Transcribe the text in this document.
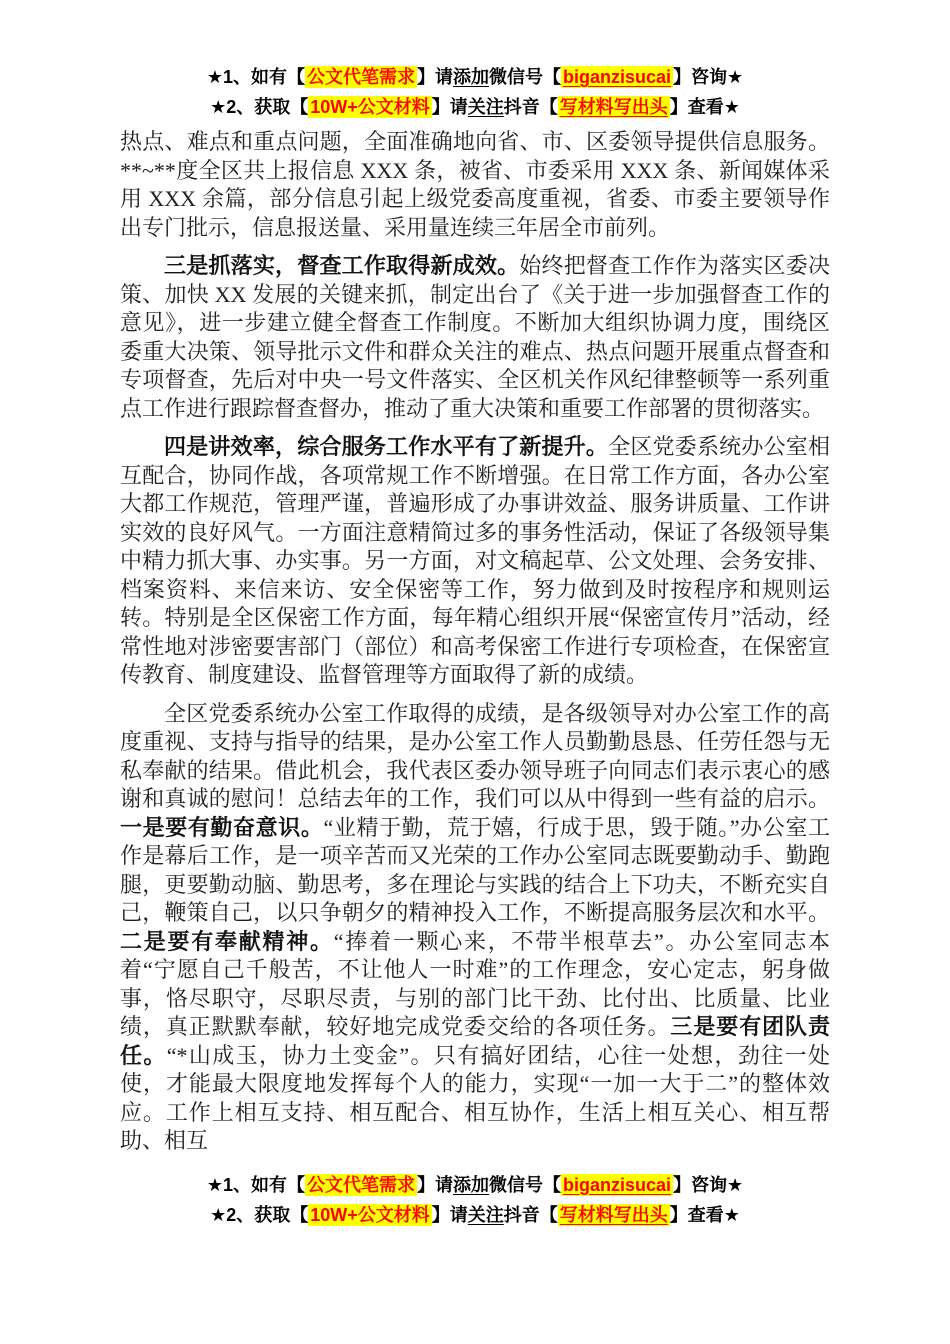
★1、如有【 公文代笔需求 】请添加微信号【 biganzisucai 】咨询★
★2、获取【 10W+公文材料 】请关注抖音【 写材料写出头 】查看★

热点、难点和重点问题，全面准确地向省、市、区委领导提供信息服务。**~**度全区共上报信息 XXX 条，被省、市委采用 XXX 条、新闻媒体采用 XXX 余篇，部分信息引起上级党委高度重视，省委、市委主要领导作出专门批示，信息报送量、采用量连续三年居全市前列。

三是抓落实，督查工作取得新成效。始终把督查工作作为落实区委决策、加快 XX 发展的关键来抓，制定出台了《关于进一步加强督查工作的意见》，进一步建立健全督查工作制度。不断加大组织协调力度，围绕区委重大决策、领导批示文件和群众关注的难点、热点问题开展重点督查和专项督查，先后对中央一号文件落实、全区机关作风纪律整顿等一系列重点工作进行跟踪督查督办，推动了重大决策和重要工作部署的贯彻落实。

四是讲效率，综合服务工作水平有了新提升。全区党委系统办公室相互配合，协同作战，各项常规工作不断增强。在日常工作方面，各办公室大都工作规范，管理严谨，普遍形成了办事讲效益、服务讲质量、工作讲实效的良好风气。一方面注意精简过多的事务性活动，保证了各级领导集中精力抓大事、办实事。另一方面，对文稿起草、公文处理、会务安排、档案资料、来信来访、安全保密等工作，努力做到及时按程序和规则运转。特别是全区保密工作方面，每年精心组织开展“保密宣传月”活动，经常性地对涉密要害部门（部位）和高考保密工作进行专项检查，在保密宣传教育、制度建设、监督管理等方面取得了新的成绩。

全区党委系统办公室工作取得的成绩，是各级领导对办公室工作的高度重视、支持与指导的结果，是办公室工作人员勤勤恳恳、任劳任怨与无私奉献的结果。借此机会，我代表区委办领导班子向同志们表示衷心的感谢和真诚的慰问！总结去年的工作，我们可以从中得到一些有益的启示。一是要有勤奋意识。“业精于勤，荒于嬉，行成于思，毁于随。”办公室工作是幕后工作，是一项辛苦而又光荣的工作办公室同志既要勤动手、勤跑腿，更要勤动脑、勤思考，多在理论与实践的结合上下功夫，不断充实自己，鞭策自己，以只争朝夕的精神投入工作，不断提高服务层次和水平。二是要有奉献精神。“捧着一颗心来，不带半根草去”。办公室同志本着“宁愿自己千般苦，不让他人一时难”的工作理念，安心定志，躬身做事，恪尽职守，尽职尽责，与别的部门比干劲、比付出、比质量、比业绩，真正默默奉献，较好地完成党委交给的各项任务。三是要有团队责任。“*山成玉，协力土变金”。只有搞好团结，心往一处想，劲往一处使，才能最大限度地发挥每个人的能力，实现“一加一大于二”的整体效应。工作上相互支持、相互配合、相互协作，生活上相互关心、相互帮助、相互

★1、如有【 公文代笔需求 】请添加微信号【 biganzisucai 】咨询★
★2、获取【 10W+公文材料 】请关注抖音【 写材料写出头 】查看★
